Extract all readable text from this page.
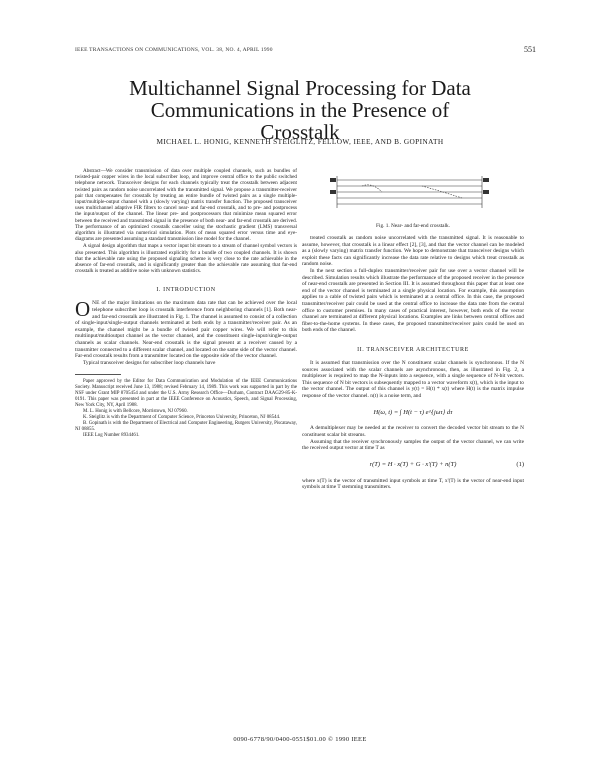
IEEE TRANSACTIONS ON COMMUNICATIONS, VOL. 38, NO. 4, APRIL 1990	551
Multichannel Signal Processing for Data
Communications in the Presence of
Crosstalk
MICHAEL L. HONIG, KENNETH STEIGLITZ, FELLOW, IEEE, AND B. GOPINATH

Abstract—We consider transmission of data over multiple coupled channels, such as bundles of twisted-pair copper wires in the local subscriber loop, and improve central office to the public switched telephone network. Transceiver designs for each channels typically treat the crosstalk between adjacent twisted pairs as random noise uncorrelated with the transmitted signal. We propose a transmitter-receiver pair that compensates for crosstalk by treating an entire bundle of twisted pairs as a single multiple-input/multiple-output channel with a (slowly varying) matrix transfer function. The proposed transceiver uses multichannel adaptive FIR filters to cancel near- and far-end crosstalk, and to pre- and postprocess the input/output of the channel. The linear pre- and postprocessors that minimize mean squared error between the received and transmitted signal in the presence of both near- and far-end crosstalk are derived. The performance of an optimized crosstalk canceller using the stochastic gradient (LMS) transversal algorithm is illustrated via numerical simulation. Plots of mean squared error versus time and eye-diagrams are presented assuming a standard transmission line model for the channel.

A signal design algorithm that maps a vector input bit stream to a stream of channel symbol vectors is also presented. This algorithm is illustrated explicitly for a bundle of two coupled channels. It is shown that the achievable rate using the proposed signaling scheme is very close to the rate achievable in the absence of far-end crosstalk, and is significantly greater than the achievable rate assuming that far-end crosstalk is treated as additive noise with unknown statistics.

I. INTRODUCTION

ONE of the major limitations on the maximum data rate that can be achieved over the local telephone subscriber loop is crosstalk interference from neighboring channels [1]. Both near- and far-end crosstalk are illustrated in Fig. 1. The channel is assumed to consist of a collection of single-input/single-output channels terminated at both ends by a transmitter/receiver pair. As an example, the channel might be a bundle of twisted pair copper wires. We will refer to this multiinput/multioutput channel as the vector channel, and the constituent single-input/single-output channels as scalar channels. Near-end crosstalk is the signal present at a receiver caused by a transmitter connected to a different scalar channel, and located on the same side of the vector channel. Far-end crosstalk results from a transmitter located on the opposite side of the vector channel.

Typical transceiver designs for subscriber loop channels have

Paper approved by the Editor for Data Communication and Modulation of the IEEE Communications Society. Manuscript received June 13, 1988; revised February 14, 1989. This work was supported in part by the NSF under Grant MIP 8705454 and under the U.S. Army Research Office—Durham, Contract DAAG29-85-K-0191. This paper was presented in part at the IEEE Conference on Acoustics, Speech, and Signal Processing, New York City, NY, April 1988.

M. L. Honig is with Bellcore, Morristown, NJ 07960.

K. Steiglitz is with the Department of Computer Science, Princeton University, Princeton, NJ 08544.

B. Gopinath is with the Department of Electrical and Computer Engineering, Rutgers University, Piscataway, NJ 08855.

IEEE Log Number 8934461.

Fig. 1. Near- and far-end crosstalk.

treated crosstalk as random noise uncorrelated with the transmitted signal. It is reasonable to assume, however, that crosstalk is a linear effect [2], [3], and that the vector channel can be modeled as a (slowly varying) matrix transfer function. We hope to demonstrate that transceiver designs which exploit these facts can significantly increase the data rate relative to designs which treat crosstalk as random noise.

In the next section a full-duplex transmitter/receiver pair for use over a vector channel will be described. Simulation results which illustrate the performance of the proposed receiver in the presence of near-end crosstalk are presented in Section III. It is assumed throughout this paper that at least one end of the vector channel is terminated at a single physical location. For example, this assumption applies to a cable of twisted pairs which is terminated at a central office. In this case, the proposed transmitter/receiver pair could be used at the central office to increase the data rate from the central office to customer premises. In many cases of practical interest, however, both ends of the vector channel are terminated at different physical locations. Examples are links between central offices and fiber-to-the-home systems. In these cases, the proposed transmitter/receiver pairs could be used on both ends of the channel.

II. TRANSCEIVER ARCHITECTURE

It is assumed that transmission over the N constituent scalar channels is synchronous. If the N sources associated with the scalar channels are asynchronous, then, as illustrated in Fig. 2, a multiplexer is required to map the N-inputs into a sequence, with a single sequence of N-bit vectors. This sequence of N bit vectors is subsequently mapped to a vector waveform x(t), which is the input to the vector channel. The output of this channel is y(t) = H(t) * x(t) where H(t) is the matrix impulse response of the vector channel. n(t) is a noise term, and

H(ω, t) = ∫ H(t − τ) e^{jωτ} dτ

A demultiplexer may be needed at the receiver to convert the decoded vector bit stream to the N constituent scalar bit streams.

Assuming that the receiver synchronously samples the output of the vector channel, we can write the received output vector at time T as

r(T) = H · x(T) + G · x'(T) + n(T)	(1)

where x(T) is the vector of transmitted input symbols at time T, x'(T) is the vector of near-end input symbols at time T stemming transmitters.

0090-6778/90/0400-0551$01.00 © 1990 IEEE
